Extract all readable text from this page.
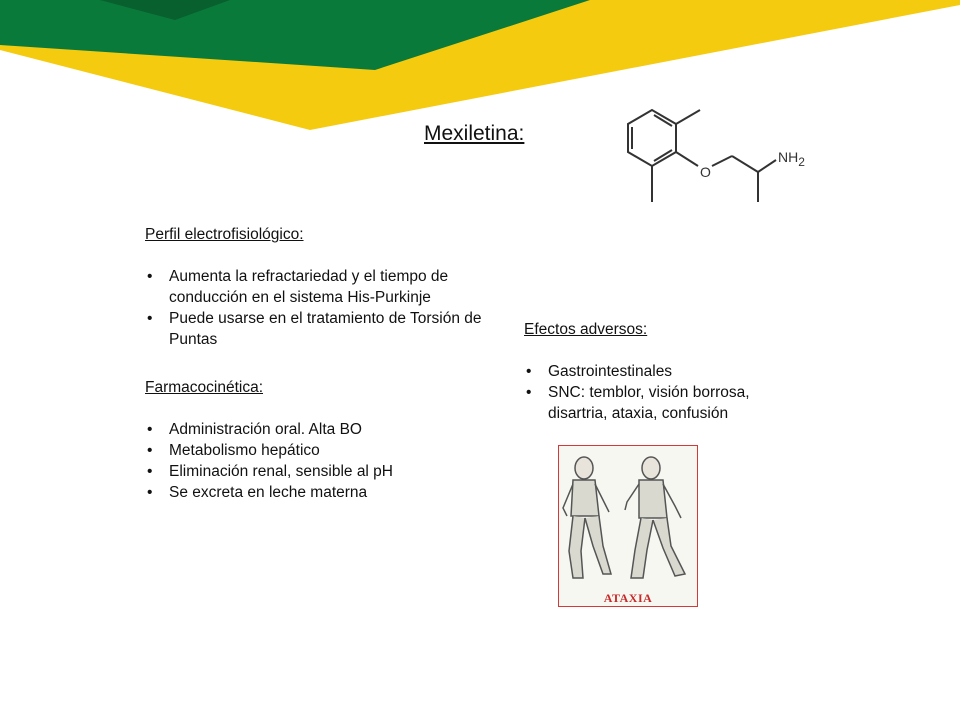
Mexiletina:
O
NH2
Perfil electrofisiológico:
• Aumenta la refractariedad y el tiempo de conducción en el sistema His-Purkinje
• Puede usarse en el tratamiento de Torsión de Puntas
Farmacocinética:
• Administración oral. Alta BO
• Metabolismo hepático
• Eliminación renal, sensible al pH
• Se excreta en leche materna
Efectos adversos:
• Gastrointestinales
• SNC: temblor, visión borrosa, disartria, ataxia, confusión
ATAXIA
